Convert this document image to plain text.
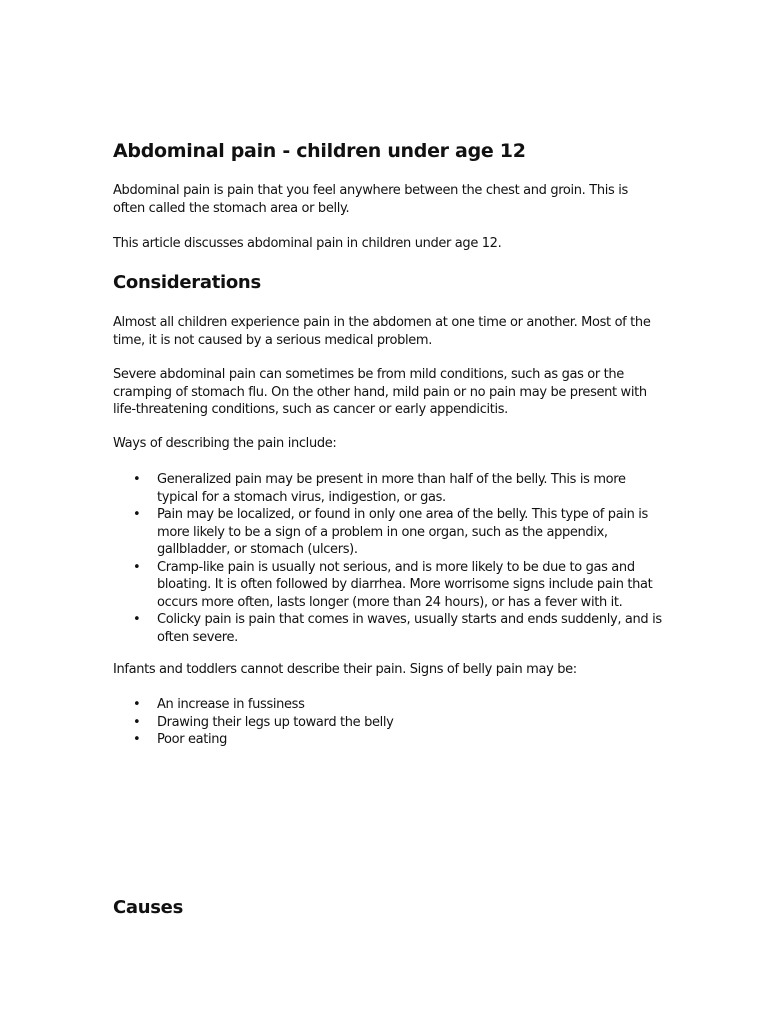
Abdominal pain - children under age 12

Abdominal pain is pain that you feel anywhere between the chest and groin. This is often called the stomach area or belly.

This article discusses abdominal pain in children under age 12.

Considerations

Almost all children experience pain in the abdomen at one time or another. Most of the time, it is not caused by a serious medical problem.

Severe abdominal pain can sometimes be from mild conditions, such as gas or the cramping of stomach flu. On the other hand, mild pain or no pain may be present with life-threatening conditions, such as cancer or early appendicitis.

Ways of describing the pain include:

• Generalized pain may be present in more than half of the belly. This is more typical for a stomach virus, indigestion, or gas.
• Pain may be localized, or found in only one area of the belly. This type of pain is more likely to be a sign of a problem in one organ, such as the appendix, gallbladder, or stomach (ulcers).
• Cramp-like pain is usually not serious, and is more likely to be due to gas and bloating. It is often followed by diarrhea. More worrisome signs include pain that occurs more often, lasts longer (more than 24 hours), or has a fever with it.
• Colicky pain is pain that comes in waves, usually starts and ends suddenly, and is often severe.

Infants and toddlers cannot describe their pain. Signs of belly pain may be:

• An increase in fussiness
• Drawing their legs up toward the belly
• Poor eating
Causes
